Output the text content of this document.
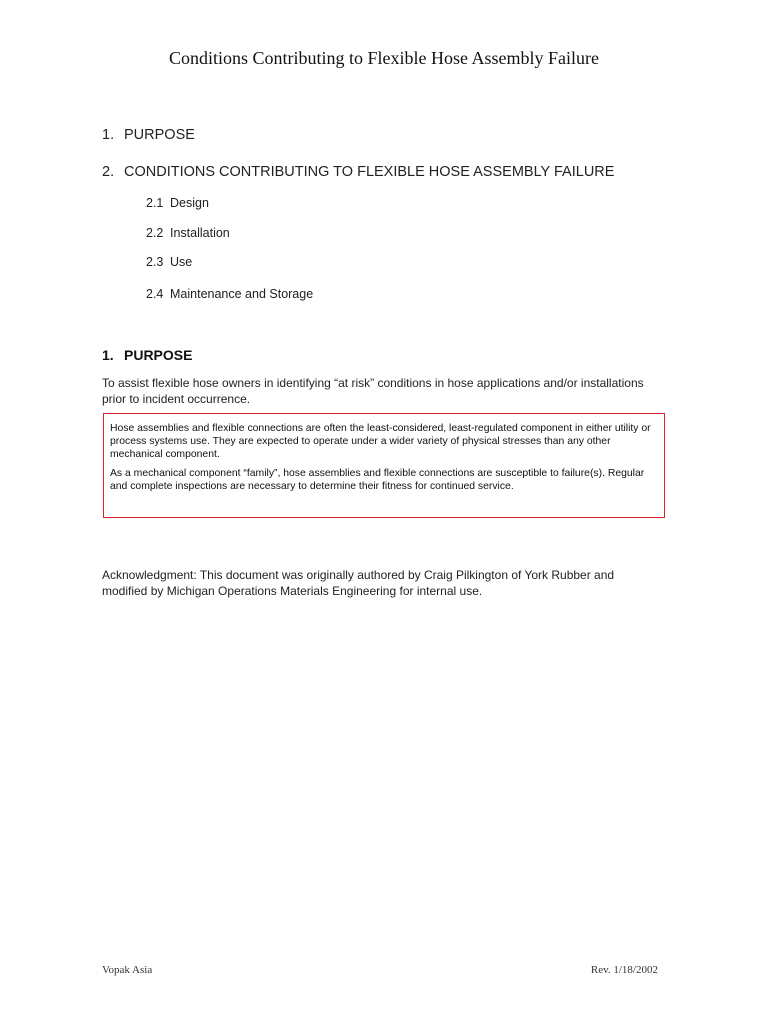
Conditions Contributing to Flexible Hose Assembly Failure
1. PURPOSE
2. CONDITIONS CONTRIBUTING TO FLEXIBLE HOSE ASSEMBLY FAILURE
2.1 Design
2.2 Installation
2.3 Use
2.4 Maintenance and Storage
1. PURPOSE
To assist flexible hose owners in identifying “at risk” conditions in hose applications and/or installations prior to incident occurrence.

Hose assemblies and flexible connections are often the least-considered, least-regulated component in either utility or process systems use. They are expected to operate under a wider variety of physical stresses than any other mechanical component.

As a mechanical component “family”, hose assemblies and flexible connections are susceptible to failure(s). Regular and complete inspections are necessary to determine their fitness for continued service.

Acknowledgment: This document was originally authored by Craig Pilkington of York Rubber and modified by Michigan Operations Materials Engineering for internal use.
Vopak Asia	Rev. 1/18/2002
